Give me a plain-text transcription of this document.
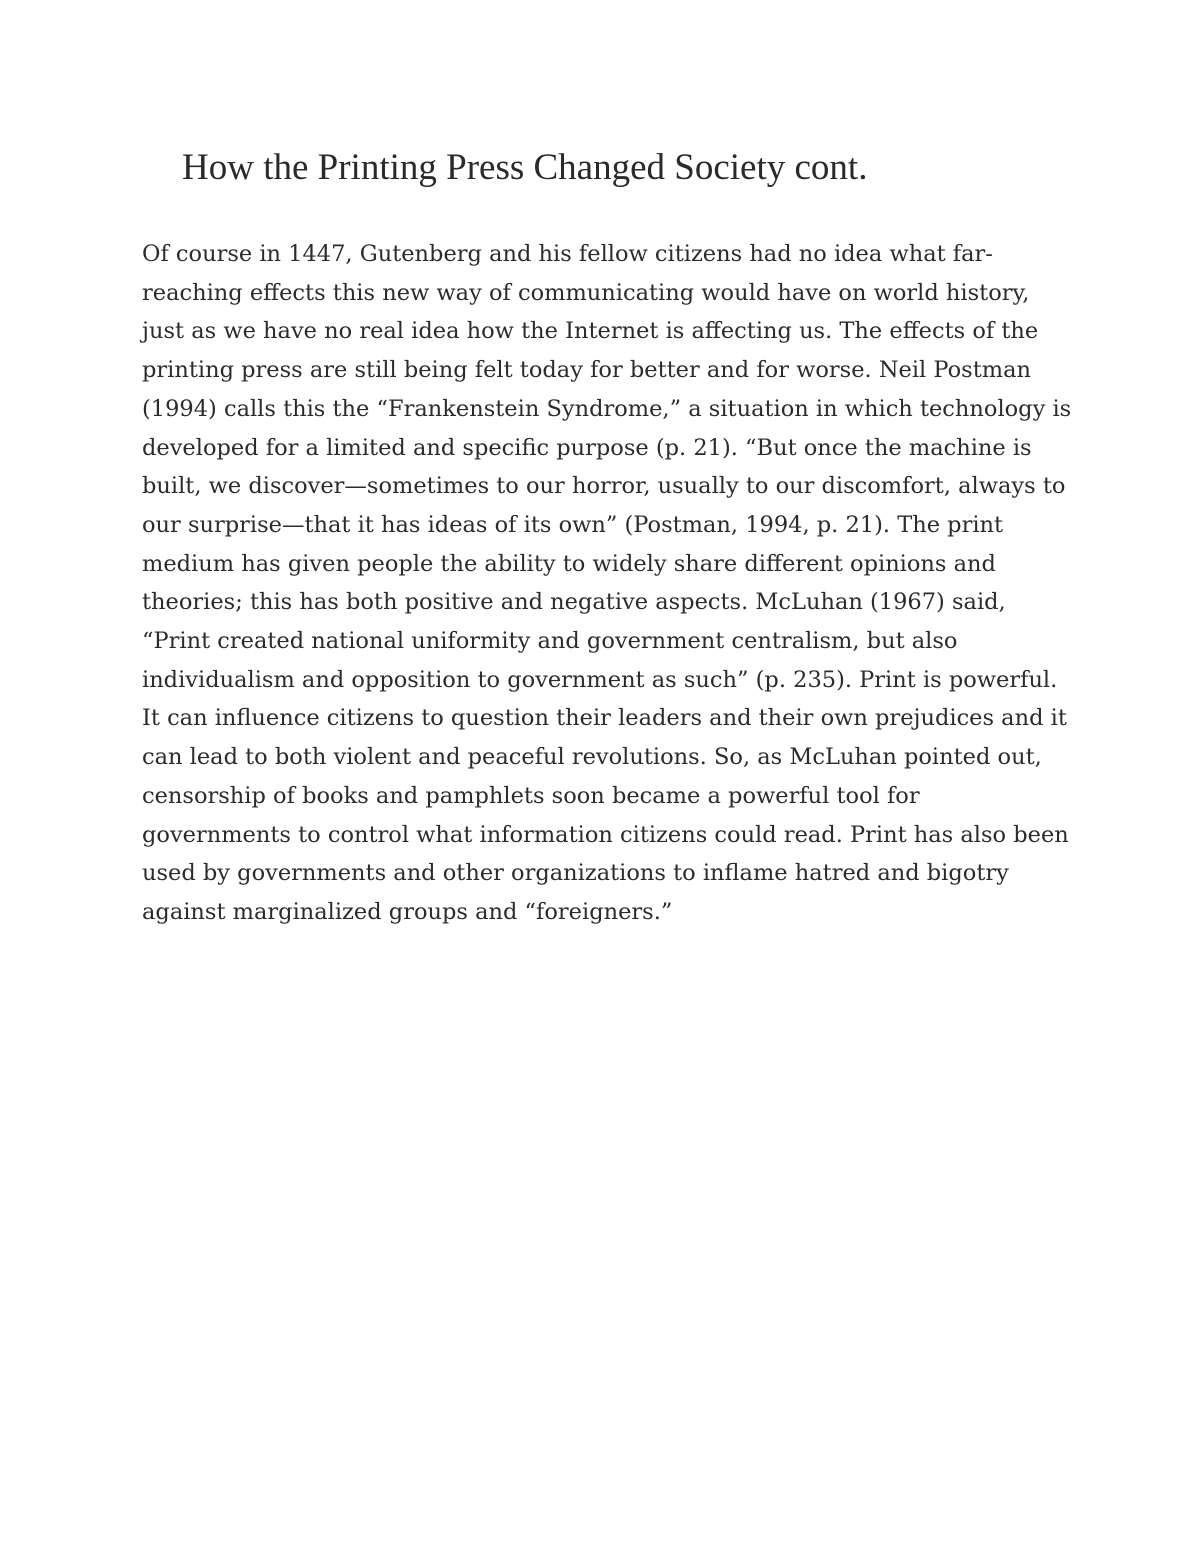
How the Printing Press Changed Society cont.

Of course in 1447, Gutenberg and his fellow citizens had no idea what far-reaching effects this new way of communicating would have on world history, just as we have no real idea how the Internet is affecting us. The effects of the printing press are still being felt today for better and for worse. Neil Postman (1994) calls this the “Frankenstein Syndrome,” a situation in which technology is developed for a limited and specific purpose (p. 21). “But once the machine is built, we discover—sometimes to our horror, usually to our discomfort, always to our surprise—that it has ideas of its own” (Postman, 1994, p. 21). The print medium has given people the ability to widely share different opinions and theories; this has both positive and negative aspects. McLuhan (1967) said, “Print created national uniformity and government centralism, but also individualism and opposition to government as such” (p. 235). Print is powerful. It can influence citizens to question their leaders and their own prejudices and it can lead to both violent and peaceful revolutions. So, as McLuhan pointed out, censorship of books and pamphlets soon became a powerful tool for governments to control what information citizens could read. Print has also been used by governments and other organizations to inflame hatred and bigotry against marginalized groups and “foreigners.”
